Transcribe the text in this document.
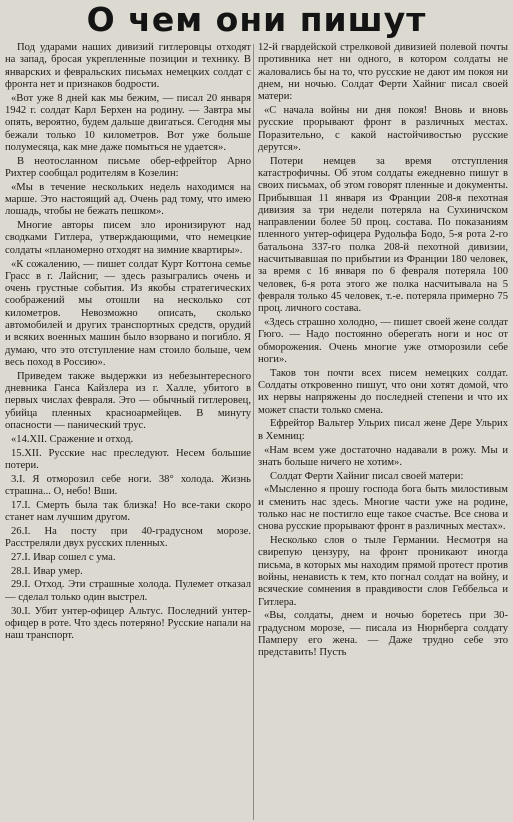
О чем они пишут

Под ударами наших дивизий гитлеровцы отходят на запад, бросая укрепленные позиции и технику. В январских и февральских письмах немецких солдат с фронта нет и признаков бодрости.

«Вот уже 8 дней как мы бежим, — писал 20 января 1942 г. солдат Карл Берхен на родину. — Завтра мы опять, вероятно, будем дальше двигаться. Сегодня мы бежали только 10 километров. Вот уже больше полумесяца, как мне даже помыться не удается».

В неотосланном письме обер-ефрейтор Арно Рихтер сообщал родителям в Козелин:

«Мы в течение нескольких недель находимся на марше. Это настоящий ад. Очень рад тому, что имею лошадь, чтобы не бежать пешком».

Многие авторы писем зло иронизируют над сводками Гитлера, утверждающими, что немецкие солдаты «планомерно отходят на зимние квартиры».

«К сожалению, — пишет солдат Курт Коттона семье Грасс в г. Лайсниг, — здесь разыгрались очень и очень грустные события. Из якобы стратегических соображений мы отошли на несколько сот километров. Невозможно описать, сколько автомобилей и других транспортных средств, орудий и всяких военных машин было взорвано и погибло. Я думаю, что это отступление нам стоило больше, чем весь поход в Россию».

Приведем также выдержки из небезынтересного дневника Ганса Кайзлера из г. Халле, убитого в первых числах февраля. Это — обычный гитлеровец, убийца пленных красноармейцев. В минуту опасности — панический трус.

«14.XII. Сражение и отход.

15.XII. Русские нас преследуют. Несем большие потери.

3.I. Я отморозил себе ноги. 38° холода. Жизнь страшна... О, небо! Вши.

17.I. Смерть была так близка! Но все-таки скоро станет нам лучшим другом.

26.I. На посту при 40-градусном морозе. Расстреляли двух русских пленных.

27.I. Ивар сошел с ума.

28.I. Ивар умер.

29.I. Отход. Эти страшные холода. Пулемет отказал — сделал только один выстрел.

30.I. Убит унтер-офицер Альтус. Последний унтер-офицер в роте. Что здесь потеряно! Русские напали на наш транспорт.

12-й гвардейской стрелковой дивизией полевой почты противника нет ни одного, в котором солдаты не жаловались бы на то, что русские не дают им покоя ни днем, ни ночью. Солдат Ферти Хайниг писал своей матери:

«С начала войны ни дня покоя! Вновь и вновь русские прорывают фронт в различных местах. Поразительно, с какой настойчивостью русские дерутся».

Потери немцев за время отступления катастрофичны. Об этом солдаты ежедневно пишут в своих письмах, об этом говорят пленные и документы. Прибывшая 11 января из Франции 208-я пехотная дивизия за три недели потеряла на Сухиничском направлении более 50 проц. состава. По показаниям пленного унтер-офицера Рудольфа Бодо, 5-я рота 2-го батальона 337-го полка 208-й пехотной дивизии, насчитывавшая по прибытии из Франции 180 человек, за время с 16 января по 6 февраля потеряла 100 человек, 6-я рота этого же полка насчитывала на 5 февраля только 45 человек, т.-е. потеряла примерно 75 проц. личного состава.

«Здесь страшно холодно, — пишет своей жене солдат Гюго. — Надо постоянно оберегать ноги и нос от обморожения. Очень многие уже отморозили себе ноги».

Таков тон почти всех писем немецких солдат. Солдаты откровенно пишут, что они хотят домой, что их нервы напряжены до последней степени и что их может спасти только смена.

Ефрейтор Вальтер Ульрих писал жене Дере Ульрих в Хемниц:

«Нам всем уже достаточно надавали в рожу. Мы и знать больше ничего не хотим».

Солдат Ферти Хайниг писал своей матери:

«Мысленно я прошу господа бога быть милостивым и сменить нас здесь. Многие части уже на родине, только нас не постигло еще такое счастье. Все снова и снова русские прорывают фронт в различных местах».

Несколько слов о тыле Германии. Несмотря на свирепую цензуру, на фронт проникают иногда письма, в которых мы находим прямой протест против войны, ненависть к тем, кто погнал солдат на войну, и всяческие сомнения в правдивости слов Геббельса и Гитлера.

«Вы, солдаты, днем и ночью боретесь при 30-градусном морозе, — писала из Нюрнберга солдату Памперу его жена. — Даже трудно себе это представить! Пусть
